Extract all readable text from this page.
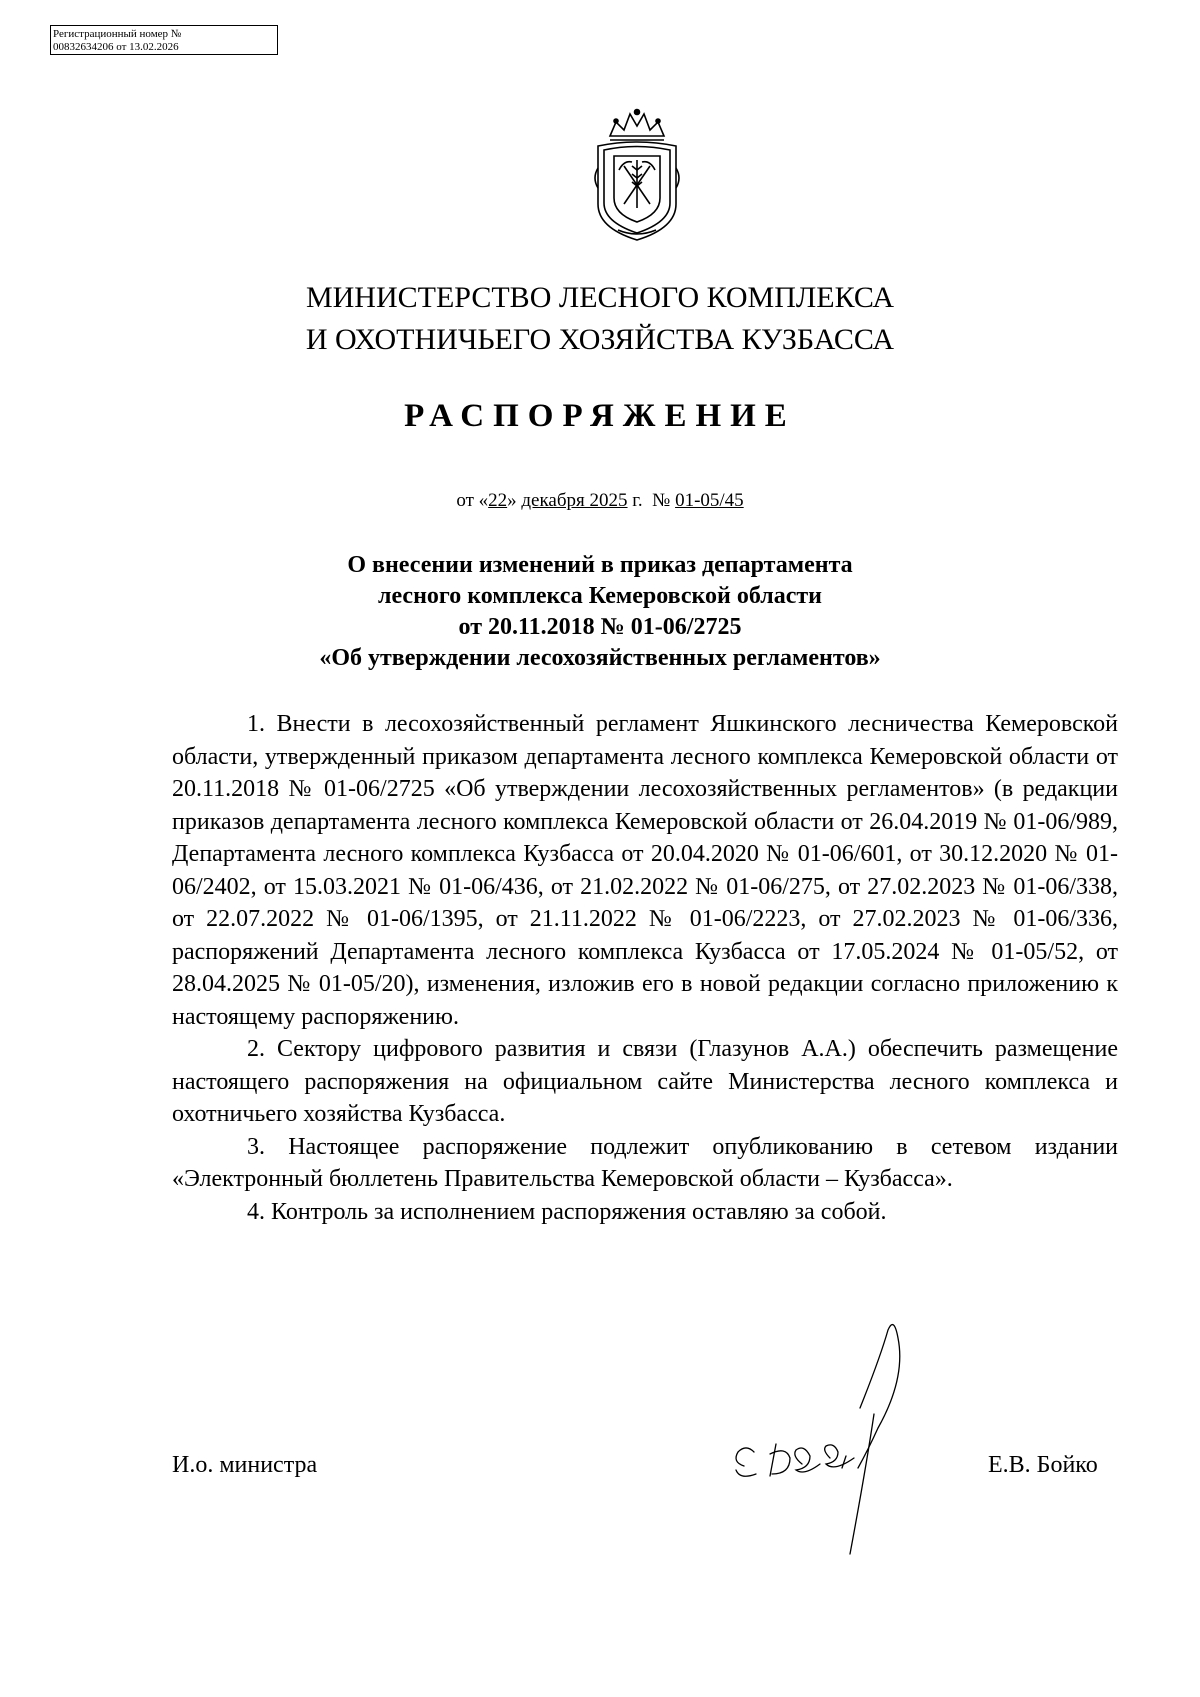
Регистрационный номер №
00832634206 от 13.02.2026
МИНИСТЕРСТВО ЛЕСНОГО КОМПЛЕКСА
И ОХОТНИЧЬЕГО ХОЗЯЙСТВА КУЗБАССА
РАСПОРЯЖЕНИЕ
от «22» декабря 2025 г.  № 01-05/45
О внесении изменений в приказ департамента
лесного комплекса Кемеровской области
от 20.11.2018 № 01-06/2725
«Об утверждении лесохозяйственных регламентов»

1. Внести в лесохозяйственный регламент Яшкинского лесничества Кемеровской области, утвержденный приказом департамента лесного комплекса Кемеровской области от 20.11.2018 № 01-06/2725 «Об утверждении лесохозяйственных регламентов» (в редакции приказов департамента лесного комплекса Кемеровской области от 26.04.2019 № 01-06/989, Департамента лесного комплекса Кузбасса от 20.04.2020 № 01-06/601, от 30.12.2020 № 01-06/2402, от 15.03.2021 № 01-06/436, от 21.02.2022 № 01-06/275, от 27.02.2023 № 01-06/338, от 22.07.2022 № 01-06/1395, от 21.11.2022 № 01-06/2223, от 27.02.2023 № 01-06/336, распоряжений Департамента лесного комплекса Кузбасса от 17.05.2024 № 01-05/52, от 28.04.2025 № 01-05/20), изменения, изложив его в новой редакции согласно приложению к настоящему распоряжению.

2. Сектору цифрового развития и связи (Глазунов А.А.) обеспечить размещение настоящего распоряжения на официальном сайте Министерства лесного комплекса и охотничьего хозяйства Кузбасса.

3. Настоящее распоряжение подлежит опубликованию в сетевом издании «Электронный бюллетень Правительства Кемеровской области – Кузбасса».

4. Контроль за исполнением распоряжения оставляю за собой.

И.о. министра	Е.В. Бойко
